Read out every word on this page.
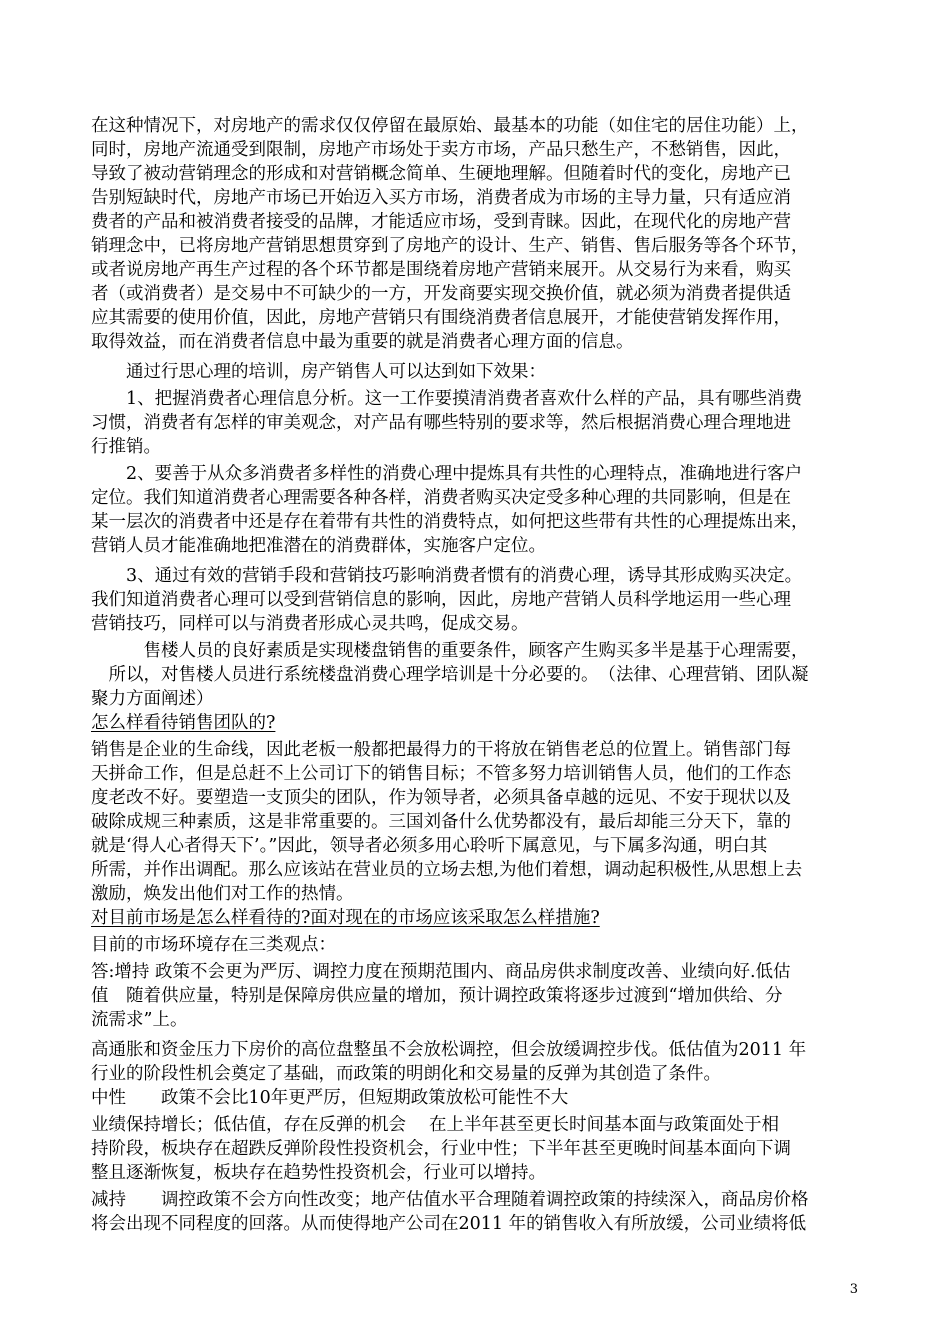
在这种情况下，对房地产的需求仅仅停留在最原始、最基本的功能（如住宅的居住功能）上，
同时，房地产流通受到限制，房地产市场处于卖方市场，产品只愁生产，不愁销售，因此，
导致了被动营销理念的形成和对营销概念简单、生硬地理解。但随着时代的变化，房地产已
告别短缺时代，房地产市场已开始迈入买方市场，消费者成为市场的主导力量，只有适应消
费者的产品和被消费者接受的品牌，才能适应市场，受到青睐。因此，在现代化的房地产营
销理念中，已将房地产营销思想贯穿到了房地产的设计、生产、销售、售后服务等各个环节，
或者说房地产再生产过程的各个环节都是围绕着房地产营销来展开。从交易行为来看，购买
者（或消费者）是交易中不可缺少的一方，开发商要实现交换价值，就必须为消费者提供适
应其需要的使用价值，因此，房地产营销只有围绕消费者信息展开，才能使营销发挥作用，
取得效益，而在消费者信息中最为重要的就是消费者心理方面的信息。
　　通过行思心理的培训，房产销售人可以达到如下效果：
　　1、把握消费者心理信息分析。这一工作要摸清消费者喜欢什么样的产品，具有哪些消费
习惯，消费者有怎样的审美观念，对产品有哪些特别的要求等，然后根据消费心理合理地进
行推销。
　　2、要善于从众多消费者多样性的消费心理中提炼具有共性的心理特点，准确地进行客户
定位。我们知道消费者心理需要各种各样，消费者购买决定受多种心理的共同影响，但是在
某一层次的消费者中还是存在着带有共性的消费特点，如何把这些带有共性的心理提炼出来，
营销人员才能准确地把准潜在的消费群体，实施客户定位。
　　3、通过有效的营销手段和营销技巧影响消费者惯有的消费心理，诱导其形成购买决定。
我们知道消费者心理可以受到营销信息的影响，因此，房地产营销人员科学地运用一些心理
营销技巧，同样可以与消费者形成心灵共鸣，促成交易。
　　　售楼人员的良好素质是实现楼盘销售的重要条件，顾客产生购买多半是基于心理需要，
　所以，对售楼人员进行系统楼盘消费心理学培训是十分必要的。　（法律、心理营销、团队凝
聚力方面阐述）
怎么样看待销售团队的?
销售是企业的生命线，因此老板一般都把最得力的干将放在销售老总的位置上。销售部门每
天拼命工作，但是总赶不上公司订下的销售目标；不管多努力培训销售人员，他们的工作态
度老改不好。要塑造一支顶尖的团队，作为领导者，必须具备卓越的远见、不安于现状以及
破除成规三种素质，这是非常重要的。三国刘备什么优势都没有，最后却能三分天下，靠的
就是‘得人心者得天下’。”因此，领导者必须多用心聆听下属意见，与下属多沟通，明白其
所需，并作出调配。那么应该站在营业员的立场去想,为他们着想，调动起积极性,从思想上去
激励，焕发出他们对工作的热情。
对目前市场是怎么样看待的?面对现在的市场应该采取怎么样措施?
目前的市场环境存在三类观点：
答:增持 政策不会更为严厉、调控力度在预期范围内、商品房供求制度改善、业绩向好.低估
值　随着供应量，特别是保障房供应量的增加，预计调控政策将逐步过渡到“增加供给、分
流需求”上。
高通胀和资金压力下房价的高位盘整虽不会放松调控，但会放缓调控步伐。低估值为2011 年
行业的阶段性机会奠定了基础，而政策的明朗化和交易量的反弹为其创造了条件。
中性　　政策不会比10年更严厉，但短期政策放松可能性不大
业绩保持增长；低估值，存在反弹的机会　 在上半年甚至更长时间基本面与政策面处于相
持阶段，板块存在超跌反弹阶段性投资机会，行业中性；下半年甚至更晚时间基本面向下调
整且逐渐恢复，板块存在趋势性投资机会，行业可以增持。
减持　　调控政策不会方向性改变；地产估值水平合理随着调控政策的持续深入，商品房价格
将会出现不同程度的回落。从而使得地产公司在2011 年的销售收入有所放缓，公司业绩将低
3
